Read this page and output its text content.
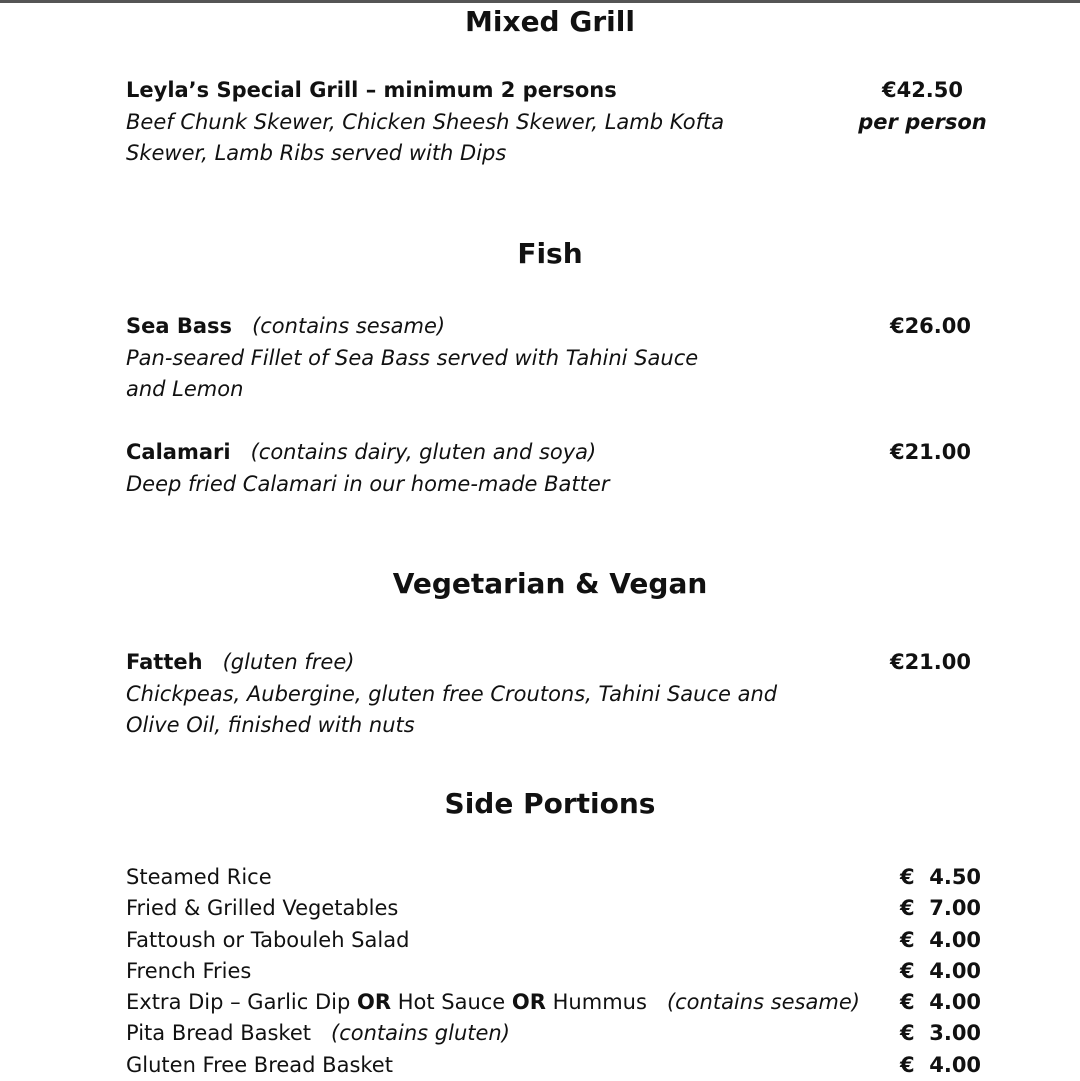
Mixed Grill
Leyla’s Special Grill – minimum 2 persons
Beef Chunk Skewer, Chicken Sheesh Skewer, Lamb Kofta
Skewer, Lamb Ribs served with Dips
€42.50
per person
Fish
Sea Bass (contains sesame)
Pan-seared Fillet of Sea Bass served with Tahini Sauce
and Lemon
€26.00
Calamari (contains dairy, gluten and soya)
Deep fried Calamari in our home-made Batter
€21.00
Vegetarian & Vegan
Fatteh (gluten free)
Chickpeas, Aubergine, gluten free Croutons, Tahini Sauce and
Olive Oil, finished with nuts
€21.00
Side Portions
Steamed Rice	€  4.50
Fried & Grilled Vegetables	€  7.00
Fattoush or Tabouleh Salad	€  4.00
French Fries	€  4.00
Extra Dip – Garlic Dip OR Hot Sauce OR Hummus (contains sesame) €  4.00
Pita Bread Basket (contains gluten)	€  3.00
Gluten Free Bread Basket	€  4.00
